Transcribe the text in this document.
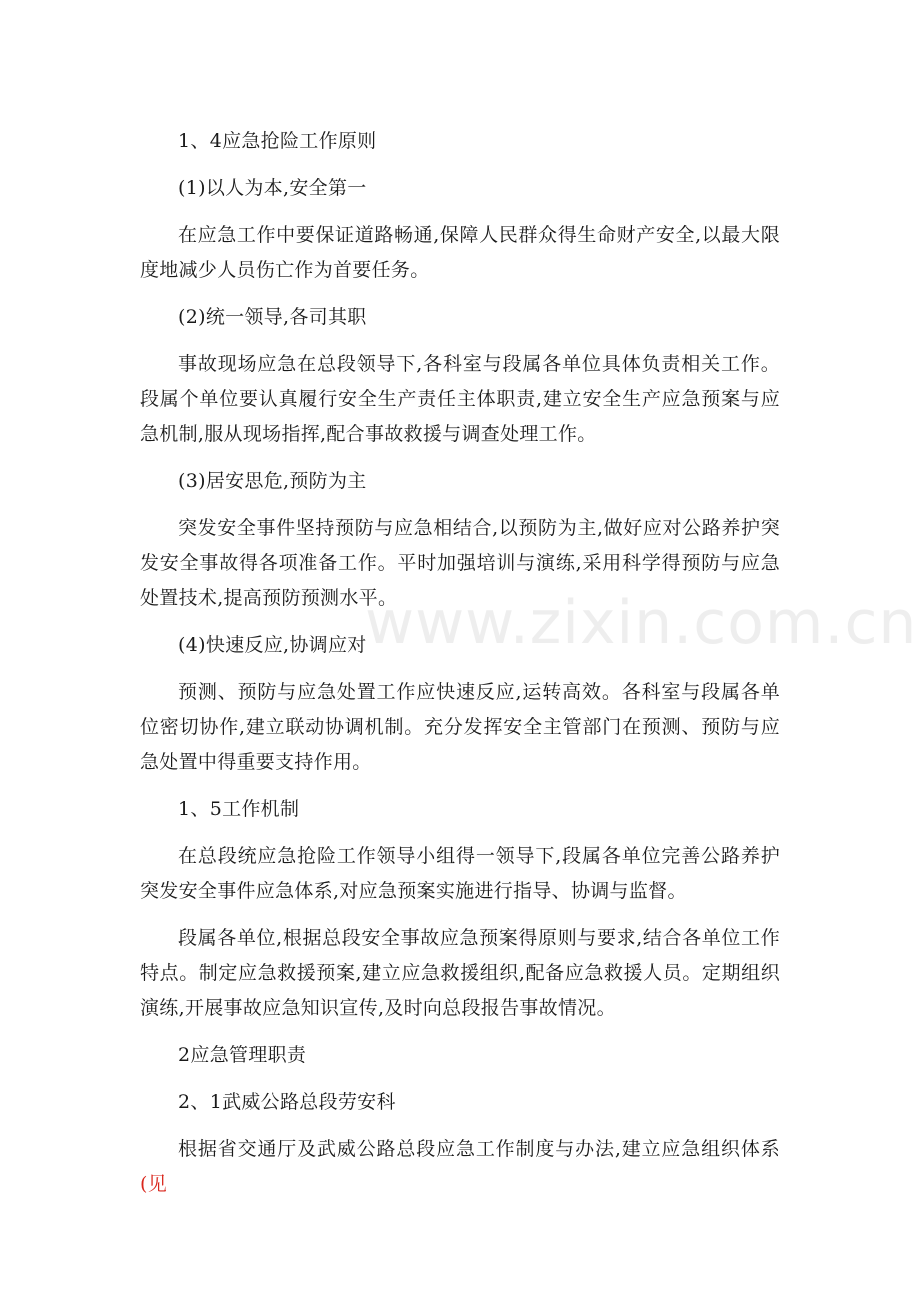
www.zixin.com.cn

1、4应急抢险工作原则

(1)以人为本,安全第一

在应急工作中要保证道路畅通,保障人民群众得生命财产安全,以最大限度地减少人员伤亡作为首要任务。

(2)统一领导,各司其职

事故现场应急在总段领导下,各科室与段属各单位具体负责相关工作。段属个单位要认真履行安全生产责任主体职责,建立安全生产应急预案与应急机制,服从现场指挥,配合事故救援与调查处理工作。

(3)居安思危,预防为主

突发安全事件坚持预防与应急相结合,以预防为主,做好应对公路养护突发安全事故得各项准备工作。平时加强培训与演练,采用科学得预防与应急处置技术,提高预防预测水平。

(4)快速反应,协调应对

预测、预防与应急处置工作应快速反应,运转高效。各科室与段属各单位密切协作,建立联动协调机制。充分发挥安全主管部门在预测、预防与应急处置中得重要支持作用。

1、5工作机制

在总段统应急抢险工作领导小组得一领导下,段属各单位完善公路养护突发安全事件应急体系,对应急预案实施进行指导、协调与监督。

段属各单位,根据总段安全事故应急预案得原则与要求,结合各单位工作特点。制定应急救援预案,建立应急救援组织,配备应急救援人员。定期组织演练,开展事故应急知识宣传,及时向总段报告事故情况。

2应急管理职责

2、1武威公路总段劳安科

根据省交通厅及武威公路总段应急工作制度与办法,建立应急组织体系(见
